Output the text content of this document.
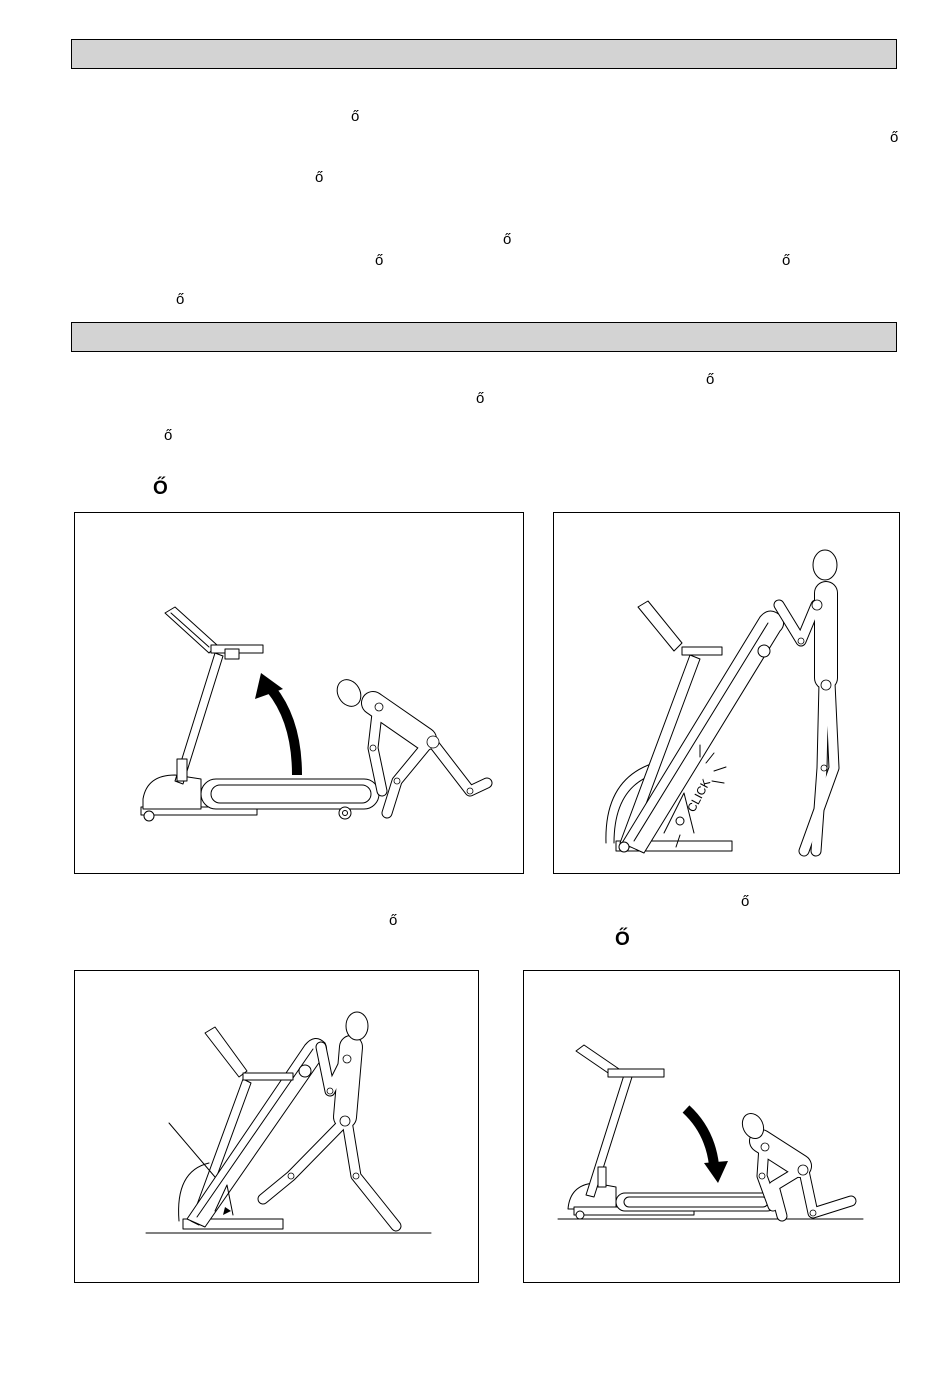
ő
ő
ő
ő
ő	ő
ő
ő
ő
ő
Ő
CLICK
ő
ő
Ő
